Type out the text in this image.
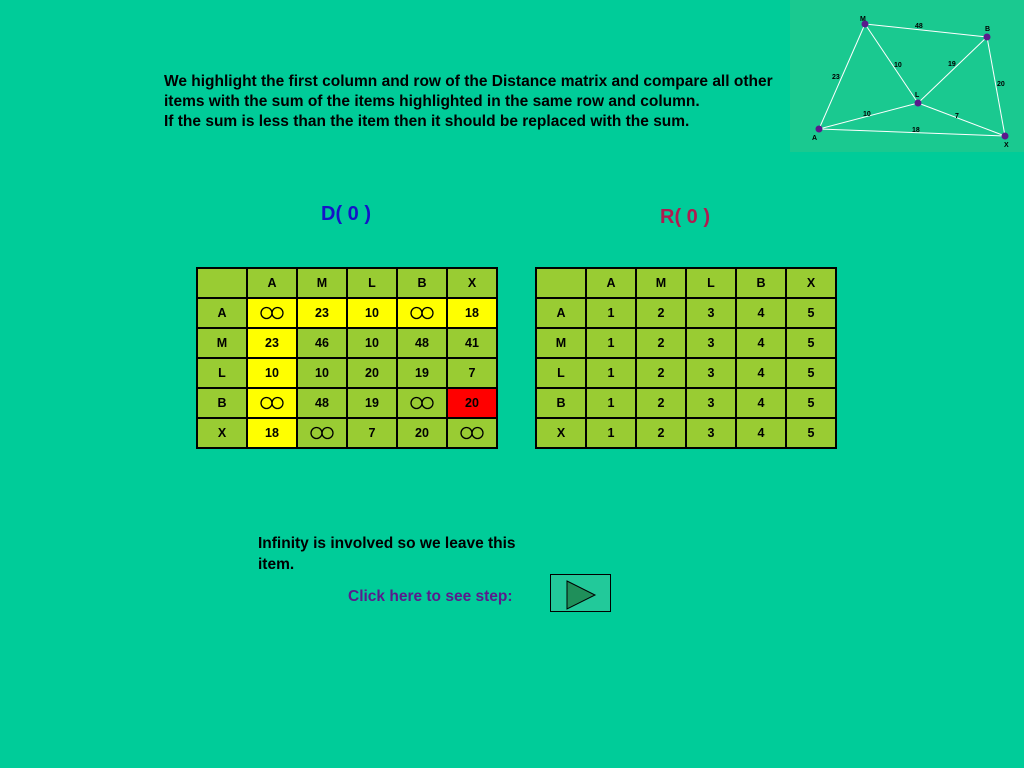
48
23
10	19
20
10	7
18
M
B
L
A
X

We highlight the first column and row of the Distance matrix and compare all other items with the sum of the items highlighted in the same row and column.

If the sum is less than the item then it should be replaced with the sum.

D( 0 )	R( 0 )
	A	M	L	B	X
A		23	10		18
M	23	46	10	48	41
L	10	10	20	19	7
B		48	19		20
X	18		7	20	
	A	M	L	B	X
A	1	2	3	4	5
M	1	2	3	4	5
L	1	2	3	4	5
B	1	2	3	4	5
X	1	2	3	4	5
Infinity is involved so we leave this item.
Click here to see step:
